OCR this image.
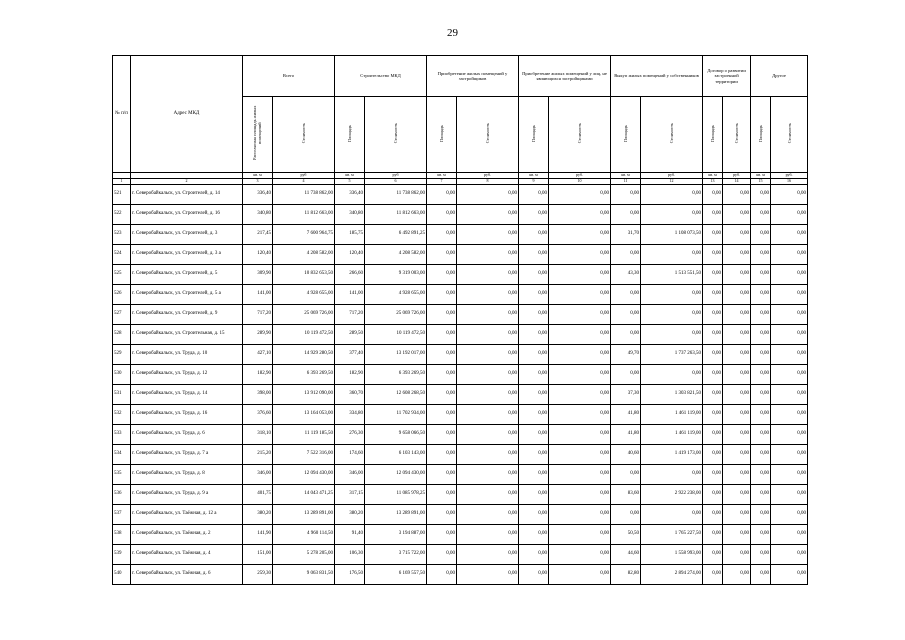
29
№ п/п	Адрес МКД	Всего		Строительство МКД		Приобретение жилых помещений у застройщиков		Приобретение жилых помещений у лиц, не являющихся застройщиками		Выкуп жилых помещений у собственников		Договор о развитии застроенной территории		Другое	
		Расселяемая площадь жилых помещений	Стоимость	Площадь	Стоимость	Площадь	Стоимость	Площадь	Стоимость	Площадь	Стоимость	Площадь	Стоимость	Площадь	Стоимость
		кв. м	руб	кв. м	руб	кв. м	руб.	кв. м	руб.	кв. м	руб.	кв. м	руб.	кв. м	руб.
1	2	3	4	5	6	7	8	9	10	11	12	13	14	15	16
521	г. Северобайкальск, ул. Строителей, д. 14	336,40	11 738 862,00	336,40	11 738 862,00	0,00	0,00	0,00	0,00	0,00	0,00	0,00	0,00	0,00	0,00
522	г. Северобайкальск, ул. Строителей, д. 16	340,80	11 812 663,00	340,80	11 812 663,00	0,00	0,00	0,00	0,00	0,00	0,00	0,00	0,00	0,00	0,00
523	г. Северобайкальск, ул. Строителей, д. 3	217,45	7 600 964,75	185,75	6 492 891,25	0,00	0,00	0,00	0,00	31,70	1 108 073,50	0,00	0,00	0,00	0,00
524	г. Северобайкальск, ул. Строителей, д. 3 а	120,40	4 208 582,00	120,40	4 208 582,00	0,00	0,00	0,00	0,00	0,00	0,00	0,00	0,00	0,00	0,00
525	г. Северобайкальск, ул. Строителей, д. 5	309,90	10 832 653,50	266,60	9 319 003,00	0,00	0,00	0,00	0,00	43,30	1 513 551,50	0,00	0,00	0,00	0,00
526	г. Северобайкальск, ул. Строителей, д. 5 а	141,00	4 928 655,00	141,00	4 928 655,00	0,00	0,00	0,00	0,00	0,00	0,00	0,00	0,00	0,00	0,00
527	г. Северобайкальск, ул. Строителей, д. 9	717,20	25 069 726,00	717,20	25 069 726,00	0,00	0,00	0,00	0,00	0,00	0,00	0,00	0,00	0,00	0,00
528	г. Северобайкальск, ул. Строительная, д. 15	289,90	10 119 472,50	289,50	10 119 472,50	0,00	0,00	0,00	0,00	0,00	0,00	0,00	0,00	0,00	0,00
529	г. Северобайкальск, ул. Труда, д. 10	427,10	14 929 280,50	377,40	13 192 017,00	0,00	0,00	0,00	0,00	49,70	1 737 263,50	0,00	0,00	0,00	0,00
530	г. Северобайкальск, ул. Труда, д. 12	182,90	6 393 269,50	182,90	6 393 269,50	0,00	0,00	0,00	0,00	0,00	0,00	0,00	0,00	0,00	0,00
531	г. Северобайкальск, ул. Труда, д. 14	398,00	13 912 090,00	360,70	12 608 268,50	0,00	0,00	0,00	0,00	37,30	1 303 821,50	0,00	0,00	0,00	0,00
532	г. Северобайкальск, ул. Труда, д. 16	376,60	13 164 053,00	334,80	11 702 934,00	0,00	0,00	0,00	0,00	41,80	1 461 119,00	0,00	0,00	0,00	0,00
533	г. Северобайкальск, ул. Труда, д. 6	318,10	11 119 185,50	276,30	9 658 066,50	0,00	0,00	0,00	0,00	41,80	1 461 119,00	0,00	0,00	0,00	0,00
534	г. Северобайкальск, ул. Труда, д. 7 а	215,20	7 522 316,00	174,60	6 103 143,00	0,00	0,00	0,00	0,00	40,60	1 419 173,00	0,00	0,00	0,00	0,00
535	г. Северобайкальск, ул. Труда, д. 8	346,00	12 094 430,00	346,00	12 094 430,00	0,00	0,00	0,00	0,00	0,00	0,00	0,00	0,00	0,00	0,00
536	г. Северобайкальск, ул. Труда, д. 9 а	401,75	14 043 471,25	317,15	11 085 978,25	0,00	0,00	0,00	0,00	83,60	2 922 238,00	0,00	0,00	0,00	0,00
537	г. Северобайкальск, ул. Таёжная, д. 12 а	380,20	13 289 891,00	380,20	13 289 891,00	0,00	0,00	0,00	0,00	0,00	0,00	0,00	0,00	0,00	0,00
538	г. Северобайкальск, ул. Таёжная, д. 2	141,90	4 960 114,50	91,40	3 194 887,00	0,00	0,00	0,00	0,00	50,50	1 765 227,50	0,00	0,00	0,00	0,00
539	г. Северобайкальск, ул. Таёжная, д. 4	151,00	5 278 205,00	106,30	3 715 722,00	0,00	0,00	0,00	0,00	44,60	1 558 993,00	0,00	0,00	0,00	0,00
540	г. Северобайкальск, ул. Таёжная, д. 6	259,30	9 063 831,50	176,50	6 169 557,50	0,00	0,00	0,00	0,00	82,80	2 894 274,00	0,00	0,00	0,00	0,00
